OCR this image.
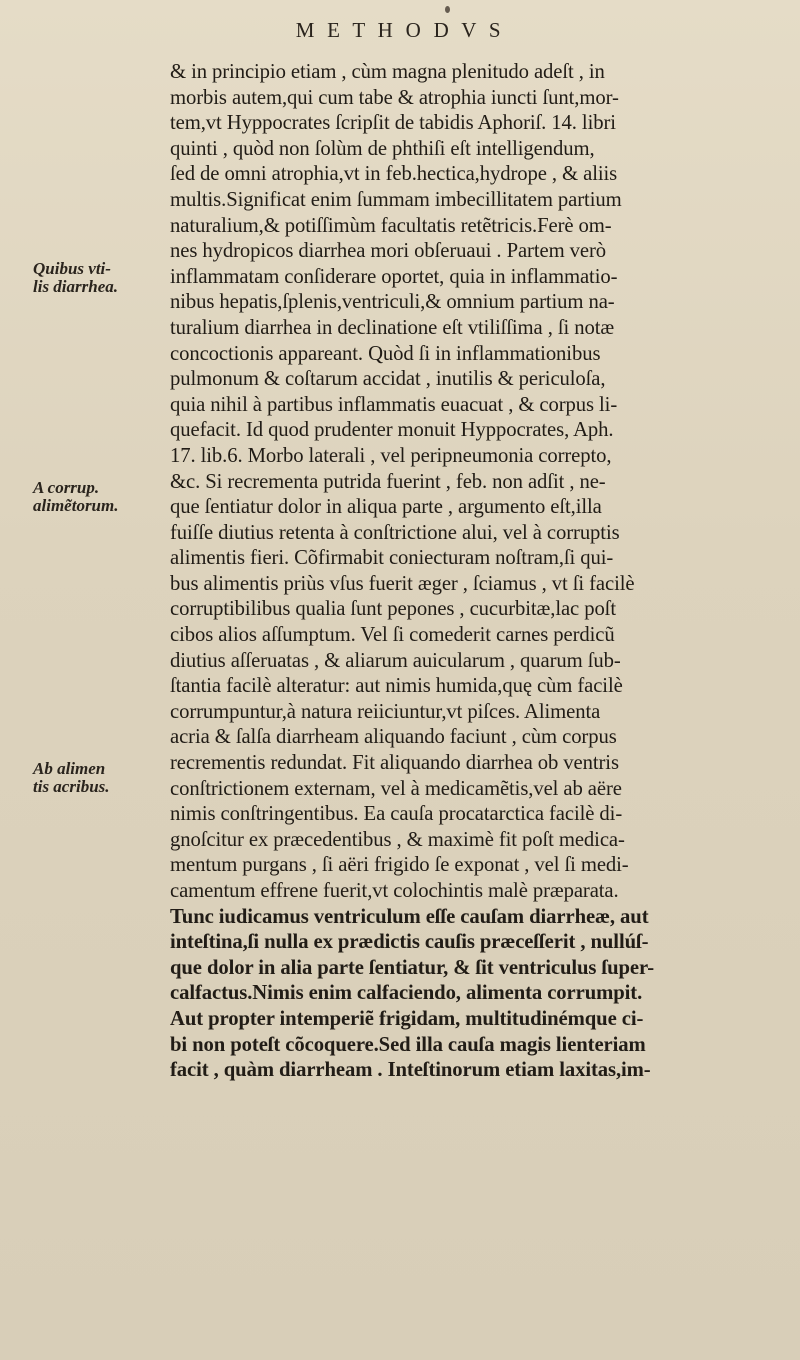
M E T H O D V S
Quibus vti-
lis diarrhea.
A corrup.
alimẽtorum.
Ab alimen
tis acribus.
& in principio etiam , cùm magna plenitudo adeſt , in
morbis autem,qui cum tabe & atrophia iuncti ſunt,mor-
tem,vt Hyppocrates ſcripſit de tabidis Aphoriſ. 14. libri
quinti , quòd non ſolùm de phthiſi eſt intelligendum,
ſed de omni atrophia,vt in feb.hectica,hydrope , & aliis
multis.Significat enim ſummam imbecillitatem partium
naturalium,& potiſſimùm facultatis retẽtricis.Ferè om-
nes hydropicos diarrhea mori obſeruaui . Partem verò
inflammatam conſiderare oportet, quia in inflammatio-
nibus hepatis,ſplenis,ventriculi,& omnium partium na-
turalium diarrhea in declinatione eſt vtiliſſima , ſi notæ
concoctionis appareant. Quòd ſi in inflammationibus
pulmonum & coſtarum accidat , inutilis & periculoſa,
quia nihil à partibus inflammatis euacuat , & corpus li-
quefacit. Id quod prudenter monuit Hyppocrates, Aph.
17. lib.6. Morbo laterali , vel peripneumonia correpto,
&c. Si recrementa putrida fuerint , feb. non adſit , ne-
que ſentiatur dolor in aliqua parte , argumento eſt,illa
fuiſſe diutius retenta à conſtrictione alui, vel à corruptis
alimentis fieri. Cõfirmabit coniecturam noſtram,ſi qui-
bus alimentis priùs vſus fuerit æger , ſciamus , vt ſi facilè
corruptibilibus qualia ſunt pepones , cucurbitæ,lac poſt
cibos alios aſſumptum. Vel ſi comederit carnes perdicũ
diutius aſſeruatas , & aliarum auicularum , quarum ſub-
ſtantia facilè alteratur: aut nimis humida,quę cùm facilè
corrumpuntur,à natura reiiciuntur,vt piſces. Alimenta
acria & ſalſa diarrheam aliquando faciunt , cùm corpus
recrementis redundat. Fit aliquando diarrhea ob ventris
conſtrictionem externam, vel à medicamẽtis,vel ab aëre
nimis conſtringentibus. Ea cauſa procatarctica facilè di-
gnoſcitur ex præcedentibus , & maximè fit poſt medica-
mentum purgans , ſi aëri frigido ſe exponat , vel ſi medi-
camentum effrene fuerit,vt colochintis malè præparata.
Tunc iudicamus ventriculum eſſe cauſam diarrheæ, aut
inteſtina,ſi nulla ex prædictis cauſis præceſſerit , nullúſ-
que dolor in alia parte ſentiatur, & ſit ventriculus ſuper-
calfactus.Nimis enim calfaciendo, alimenta corrumpit.
Aut propter intemperiẽ frigidam, multitudinémque ci-
bi non poteſt cõcoquere.Sed illa cauſa magis lienteriam
facit , quàm diarrheam . Inteſtinorum etiam laxitas,im-
